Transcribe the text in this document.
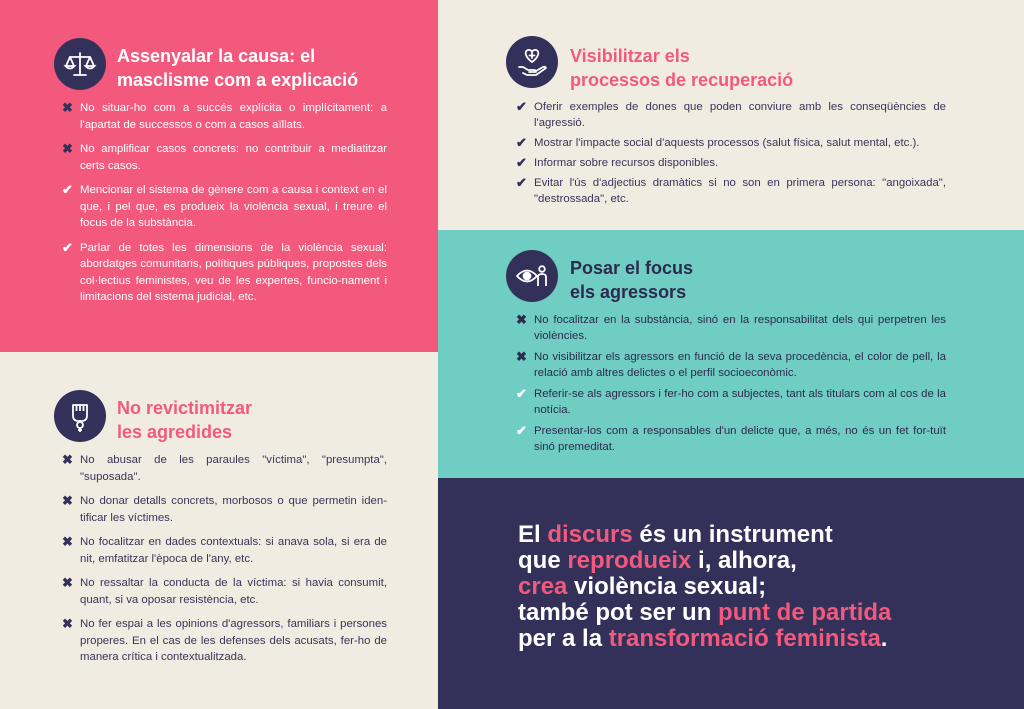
Assenyalar la causa: el
masclisme com a explicació
✖ No situar-ho com a succés explícita o implícitament: a l'apartat de successos o com a casos aïllats.
✖ No amplificar casos concrets: no contribuir a mediatitzar certs casos.
✔ Mencionar el sistema de gènere com a causa i context en el que, i pel que, es produeix la violència sexual, i treure el focus de la substància.
✔ Parlar de totes les dimensions de la violència sexual: abordatges comunitaris, polítiques públiques, propostes dels col·lectius feministes, veu de les expertes, funcio-nament i limitacions del sistema judicial, etc.
No revictimitzar
les agredides
✖ No abusar de les paraules "víctima", "presumpta", "suposada".
✖ No donar detalls concrets, morbosos o que permetin iden-tificar les víctimes.
✖ No focalitzar en dades contextuals: si anava sola, si era de nit, emfatitzar l'època de l'any, etc.
✖ No ressaltar la conducta de la víctima: si havia consumit, quant, si va oposar resistència, etc.
✖ No fer espai a les opinions d'agressors, familiars i persones properes. En el cas de les defenses dels acusats, fer-ho de manera crítica i contextualitzada.
Visibilitzar els
processos de recuperació
✔ Oferir exemples de dones que poden conviure amb les conseqüències de l'agressió.
✔ Mostrar l'impacte social d'aquests processos (salut física, salut mental, etc.).
✔ Informar sobre recursos disponibles.
✔ Evitar l'ús d'adjectius dramàtics si no son en primera persona: "angoixada", "destrossada", etc.
Posar el focus
els agressors
✖ No focalitzar en la substància, sinó en la responsabilitat dels qui perpetren les violències.
✖ No visibilitzar els agressors en funció de la seva procedència, el color de pell, la relació amb altres delictes o el perfil socioeconòmic.
✔ Referir-se als agressors i fer-ho com a subjectes, tant als titulars com al cos de la notícia.
✔ Presentar-los com a responsables d'un delicte que, a més, no és un fet for-tuït sinó premeditat.
El discurs és un instrument
que reprodueix i, alhora,
crea violència sexual;
també pot ser un punt de partida
per a la transformació feminista.
